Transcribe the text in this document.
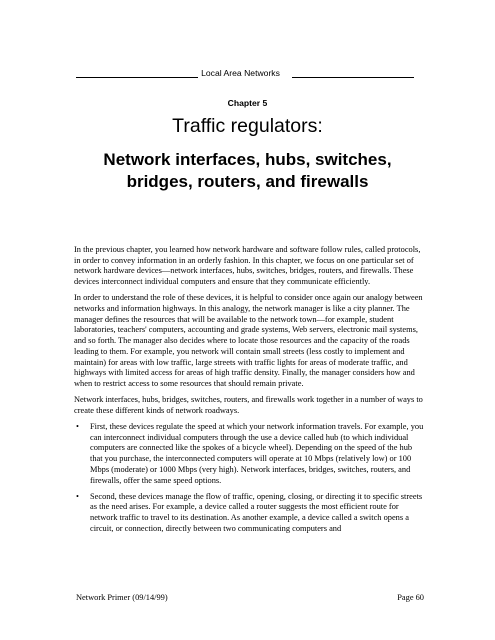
Local Area Networks
Chapter 5
Traffic regulators:
Network interfaces, hubs, switches, bridges, routers, and firewalls

In the previous chapter, you learned how network hardware and software follow rules, called protocols, in order to convey information in an orderly fashion. In this chapter, we focus on one particular set of network hardware devices—network interfaces, hubs, switches, bridges, routers, and firewalls. These devices interconnect individual computers and ensure that they communicate efficiently.

In order to understand the role of these devices, it is helpful to consider once again our analogy between networks and information highways. In this analogy, the network manager is like a city planner. The manager defines the resources that will be available to the network town—for example, student laboratories, teachers' computers, accounting and grade systems, Web servers, electronic mail systems, and so forth. The manager also decides where to locate those resources and the capacity of the roads leading to them. For example, you network will contain small streets (less costly to implement and maintain) for areas with low traffic, large streets with traffic lights for areas of moderate traffic, and highways with limited access for areas of high traffic density. Finally, the manager considers how and when to restrict access to some resources that should remain private.

Network interfaces, hubs, bridges, switches, routers, and firewalls work together in a number of ways to create these different kinds of network roadways.

• First, these devices regulate the speed at which your network information travels. For example, you can interconnect individual computers through the use a device called hub (to which individual computers are connected like the spokes of a bicycle wheel). Depending on the speed of the hub that you purchase, the interconnected computers will operate at 10 Mbps (relatively low) or 100 Mbps (moderate) or 1000 Mbps (very high). Network interfaces, bridges, switches, routers, and firewalls, offer the same speed options.
• Second, these devices manage the flow of traffic, opening, closing, or directing it to specific streets as the need arises. For example, a device called a router suggests the most efficient route for network traffic to travel to its destination. As another example, a device called a switch opens a circuit, or connection, directly between two communicating computers and
Network Primer (09/14/99)	Page 60
